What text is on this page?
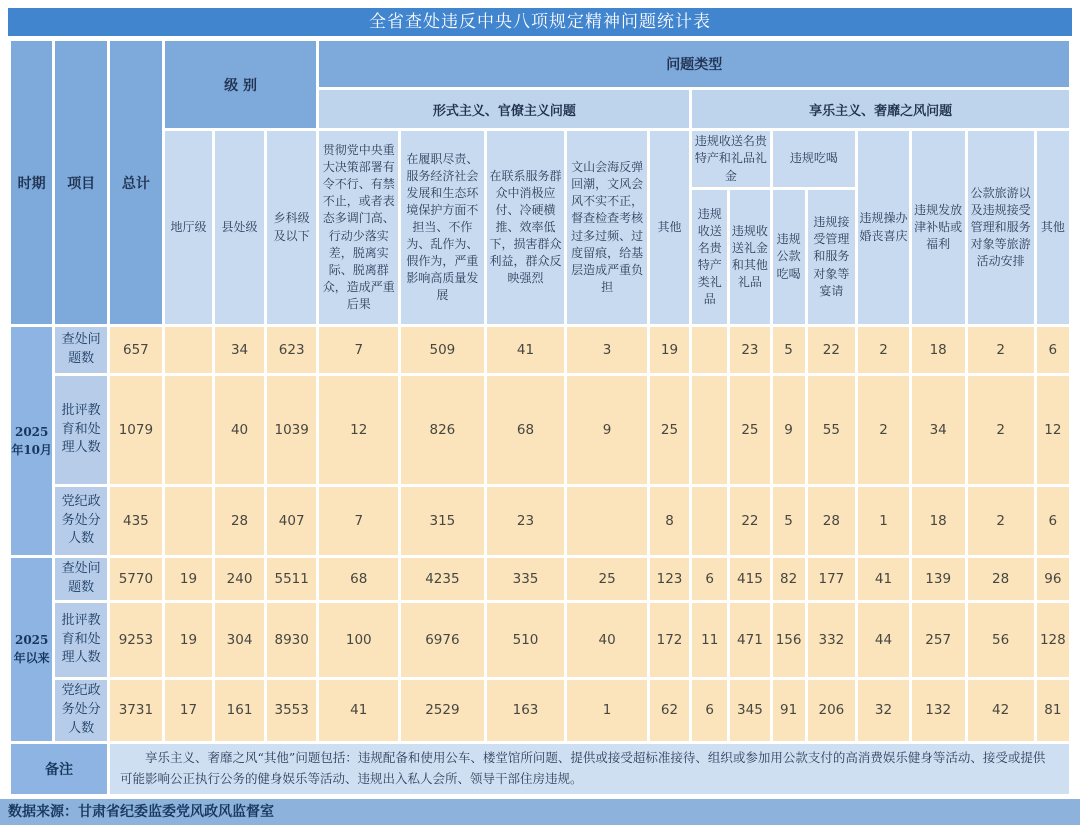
全省查处违反中央八项规定精神问题统计表
时期	项目	总计	级 别			问题类型												
						形式主义、官僚主义问题					享乐主义、奢靡之风问题							
			地厅级	县处级	乡科级及以下	贯彻党中央重大决策部署有令不行、有禁不止，或者表态多调门高、行动少落实差，脱离实际、脱离群众，造成严重后果	在履职尽责、服务经济社会发展和生态环境保护方面不担当、不作为、乱作为、假作为，严重影响高质量发展	在联系服务群众中消极应付、冷硬横推、效率低下，损害群众利益，群众反映强烈	文山会海反弹回潮，文风会风不实不正，督查检查考核过多过频、过度留痕，给基层造成严重负担	其他	违规收送名贵特产和礼品礼金		违规吃喝		违规操办婚丧喜庆	违规发放津补贴或福利	公款旅游以及违规接受管理和服务对象等旅游活动安排	其他
											违规收送名贵特产类礼品	违规收送礼金和其他礼品	违规公款吃喝	违规接受管理和服务对象等宴请				
2025年10月	查处问题数	657		34	623	7	509	41	3	19		23	5	22	2	18	2	6
	批评教育和处理人数	1079		40	1039	12	826	68	9	25		25	9	55	2	34	2	12
	党纪政务处分人数	435		28	407	7	315	23		8		22	5	28	1	18	2	6
2025年以来	查处问题数	5770	19	240	5511	68	4235	335	25	123	6	415	82	177	41	139	28	96
	批评教育和处理人数	9253	19	304	8930	100	6976	510	40	172	11	471	156	332	44	257	56	128
	党纪政务处分人数	3731	17	161	3553	41	2529	163	1	62	6	345	91	206	32	132	42	81
备注		享乐主义、奢靡之风“其他”问题包括：违规配备和使用公车、楼堂馆所问题、提供或接受超标准接待、组织或参加用公款支付的高消费娱乐健身等活动、接受或提供可能影响公正执行公务的健身娱乐等活动、违规出入私人会所、领导干部住房违规。																

数据来源：甘肃省纪委监委党风政风监督室
